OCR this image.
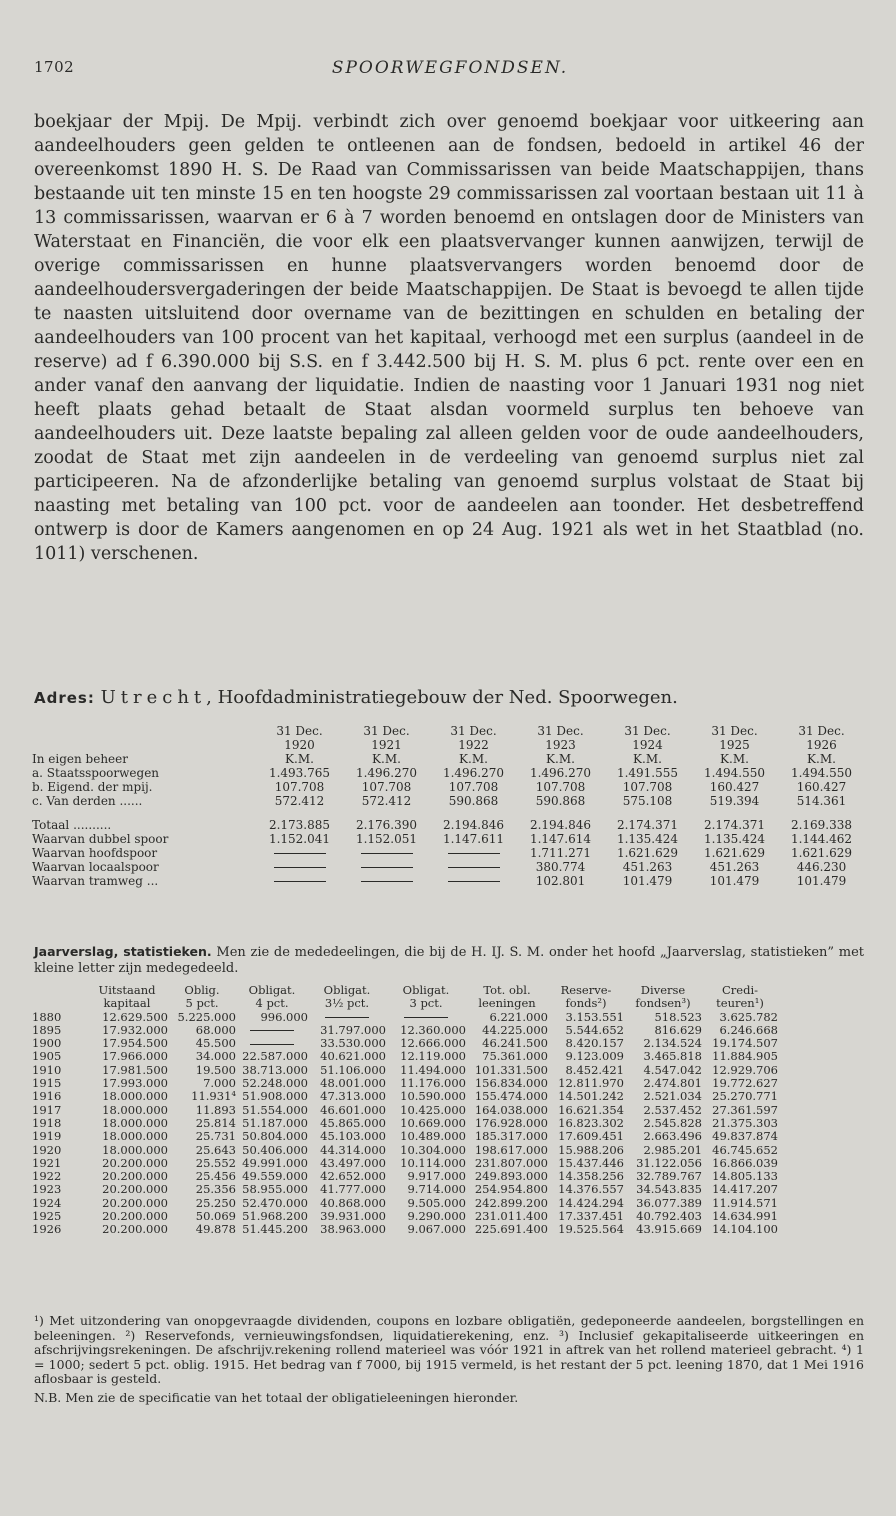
1702	SPOORWEGFONDSEN.

boekjaar der Mpij. De Mpij. verbindt zich over genoemd boekjaar voor uitkeering aan aandeelhouders geen gelden te ontleenen aan de fondsen, bedoeld in artikel 46 der overeenkomst 1890 H. S. De Raad van Commissarissen van beide Maatschappijen, thans bestaande uit ten minste 15 en ten hoogste 29 commissarissen zal voortaan bestaan uit 11 à 13 commissarissen, waarvan er 6 à 7 worden benoemd en ontslagen door de Ministers van Waterstaat en Financiën, die voor elk een plaatsvervanger kunnen aanwijzen, terwijl de overige commissarissen en hunne plaatsvervangers worden benoemd door de aandeelhoudersvergaderingen der beide Maatschappijen. De Staat is bevoegd te allen tijde te naasten uitsluitend door overname van de bezittingen en schulden en betaling der aandeelhouders van 100 procent van het kapitaal, verhoogd met een surplus (aandeel in de reserve) ad f 6.390.000 bij S.S. en f 3.442.500 bij H. S. M. plus 6 pct. rente over een en ander vanaf den aanvang der liquidatie. Indien de naasting voor 1 Januari 1931 nog niet heeft plaats gehad betaalt de Staat alsdan voormeld surplus ten behoeve van aandeelhouders uit. Deze laatste bepaling zal alleen gelden voor de oude aandeelhouders, zoodat de Staat met zijn aandeelen in de verdeeling van genoemd surplus niet zal participeeren. Na de afzonderlijke betaling van genoemd surplus volstaat de Staat bij naasting met betaling van 100 pct. voor de aandeelen aan toonder. Het desbetreffend ontwerp is door de Kamers aangenomen en op 24 Aug. 1921 als wet in het Staatblad (no. 1011) verschenen.

Adres: Utrecht, Hoofdadministratiegebouw der Ned. Spoorwegen.
	31 Dec.	31 Dec.	31 Dec.	31 Dec.	31 Dec.	31 Dec.	31 Dec.
	1920	1921	1922	1923	1924	1925	1926
In eigen beheer	K.M.	K.M.	K.M.	K.M.	K.M.	K.M.	K.M.
a. Staatsspoorwegen	1.493.765	1.496.270	1.496.270	1.496.270	1.491.555	1.494.550	1.494.550
b. Eigend. der mpij.	107.708	107.708	107.708	107.708	107.708	160.427	160.427
c. Van derden ......	572.412	572.412	590.868	590.868	575.108	519.394	514.361
Totaal ..........	2.173.885	2.176.390	2.194.846	2.194.846	2.174.371	2.174.371	2.169.338
Waarvan dubbel spoor	1.152.041	1.152.051	1.147.611	1.147.614	1.135.424	1.135.424	1.144.462
Waarvan hoofdspoor				1.711.271	1.621.629	1.621.629	1.621.629
Waarvan locaalspoor				380.774	451.263	451.263	446.230
Waarvan tramweg ...				102.801	101.479	101.479	101.479
Jaarverslag, statistieken. Men zie de mededeelingen, die bij de H. IJ. S. M. onder het hoofd „Jaarverslag, statistieken” met kleine letter zijn medegedeeld.
	Uitstaand	Oblig.	Obligat.	Obligat.	Obligat.	Tot. obl.	Reserve-	Diverse	Credi-
	kapitaal	5 pct.	4 pct.	3½ pct.	3 pct.	leeningen	fonds²)	fondsen³)	teuren¹)
1880	12.629.500	5.225.000	996.000			6.221.000	3.153.551	518.523	3.625.782
1895	17.932.000	68.000		31.797.000	12.360.000	44.225.000	5.544.652	816.629	6.246.668
1900	17.954.500	45.500		33.530.000	12.666.000	46.241.500	8.420.157	2.134.524	19.174.507
1905	17.966.000	34.000	22.587.000	40.621.000	12.119.000	75.361.000	9.123.009	3.465.818	11.884.905
1910	17.981.500	19.500	38.713.000	51.106.000	11.494.000	101.331.500	8.452.421	4.547.042	12.929.706
1915	17.993.000	7.000	52.248.000	48.001.000	11.176.000	156.834.000	12.811.970	2.474.801	19.772.627
1916	18.000.000	11.931⁴	51.908.000	47.313.000	10.590.000	155.474.000	14.501.242	2.521.034	25.270.771
1917	18.000.000	11.893	51.554.000	46.601.000	10.425.000	164.038.000	16.621.354	2.537.452	27.361.597
1918	18.000.000	25.814	51.187.000	45.865.000	10.669.000	176.928.000	16.823.302	2.545.828	21.375.303
1919	18.000.000	25.731	50.804.000	45.103.000	10.489.000	185.317.000	17.609.451	2.663.496	49.837.874
1920	18.000.000	25.643	50.406.000	44.314.000	10.304.000	198.617.000	15.988.206	2.985.201	46.745.652
1921	20.200.000	25.552	49.991.000	43.497.000	10.114.000	231.807.000	15.437.446	31.122.056	16.866.039
1922	20.200.000	25.456	49.559.000	42.652.000	9.917.000	249.893.000	14.358.256	32.789.767	14.805.133
1923	20.200.000	25.356	58.955.000	41.777.000	9.714.000	254.954.800	14.376.557	34.543.835	14.417.207
1924	20.200.000	25.250	52.470.000	40.868.000	9.505.000	242.899.200	14.424.294	36.077.389	11.914.571
1925	20.200.000	50.069	51.968.200	39.931.000	9.290.000	231.011.400	17.337.451	40.792.403	14.634.991
1926	20.200.000	49.878	51.445.200	38.963.000	9.067.000	225.691.400	19.525.564	43.915.669	14.104.100

¹) Met uitzondering van onopgevraagde dividenden, coupons en lozbare obligatiën, gedeponeerde aandeelen, borgstellingen en beleeningen. ²) Reservefonds, vernieuwingsfondsen, liquidatierekening, enz. ³) Inclusief gekapitaliseerde uitkeeringen en afschrijvingsrekeningen. De afschrijv.rekening rollend materieel was vóór 1921 in aftrek van het rollend materieel gebracht. ⁴) 1 = 1000; sedert 5 pct. oblig. 1915. Het bedrag van f 7000, bij 1915 vermeld, is het restant der 5 pct. leening 1870, dat 1 Mei 1916 aflosbaar is gesteld.

N.B. Men zie de specificatie van het totaal der obligatieleeningen hieronder.
